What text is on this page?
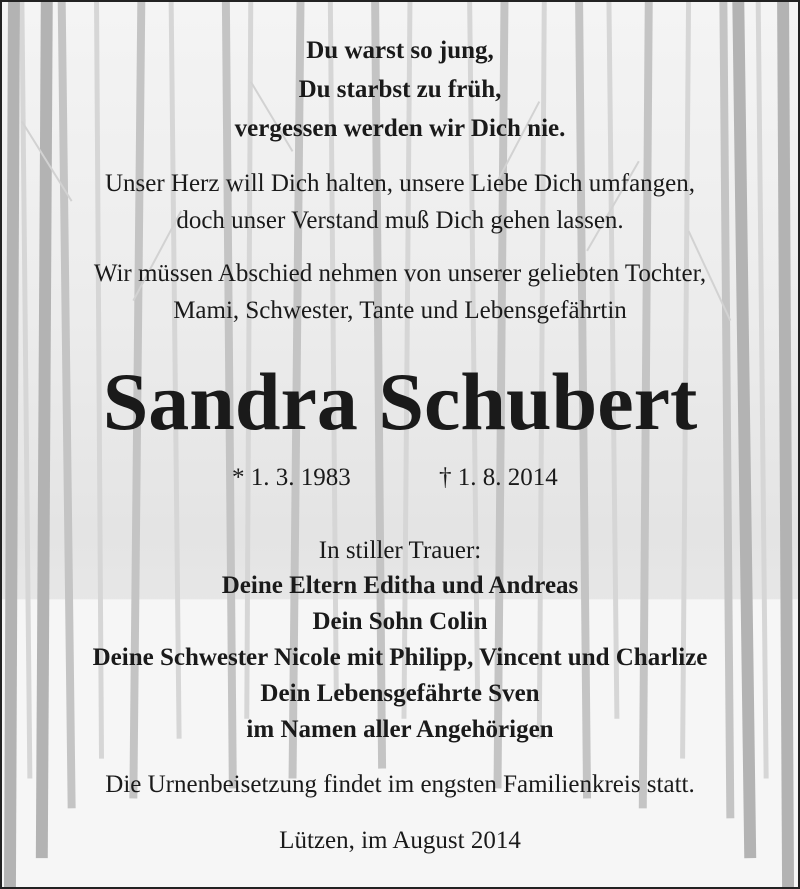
Du warst so jung,
Du starbst zu früh,
vergessen werden wir Dich nie.
Unser Herz will Dich halten, unsere Liebe Dich umfangen,
doch unser Verstand muß Dich gehen lassen.
Wir müssen Abschied nehmen von unserer geliebten Tochter,
Mami, Schwester, Tante und Lebensgefährtin
Sandra Schubert
* 1. 3. 1983	† 1. 8. 2014
In stiller Trauer:
Deine Eltern Editha und Andreas
Dein Sohn Colin
Deine Schwester Nicole mit Philipp, Vincent und Charlize
Dein Lebensgefährte Sven
im Namen aller Angehörigen
Die Urnenbeisetzung findet im engsten Familienkreis statt.
Lützen, im August 2014
